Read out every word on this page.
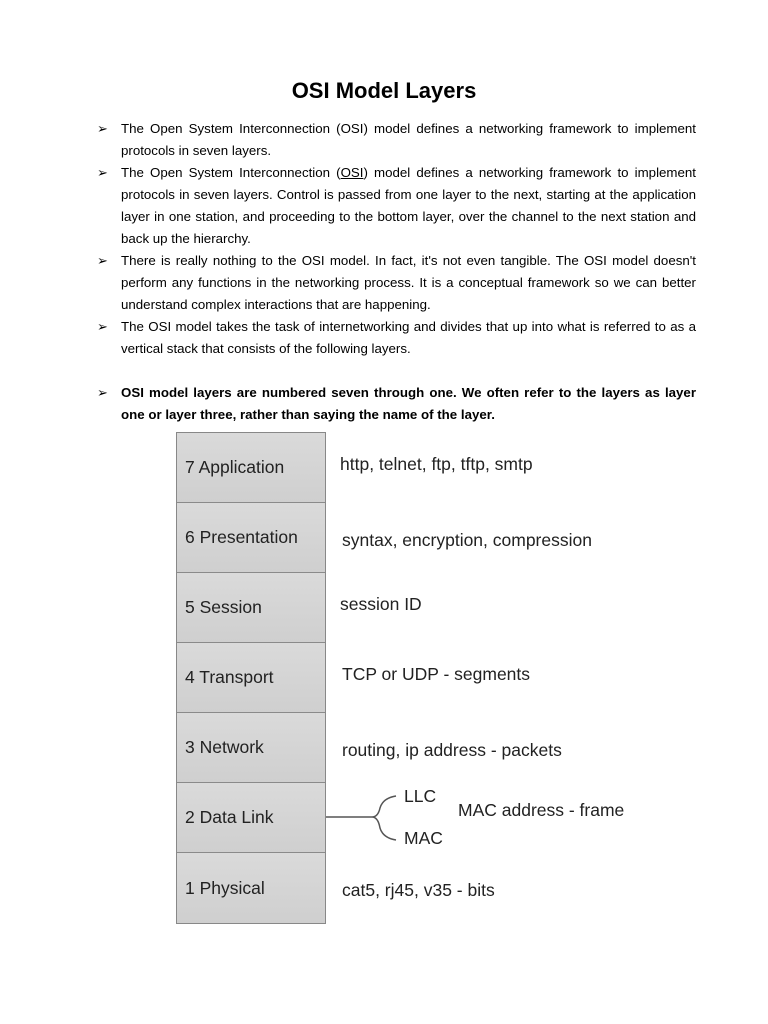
OSI Model Layers
➢ The Open System Interconnection (OSI) model defines a networking framework to implement protocols in seven layers.
➢ The Open System Interconnection (OSI) model defines a networking framework to implement protocols in seven layers. Control is passed from one layer to the next, starting at the application layer in one station, and proceeding to the bottom layer, over the channel to the next station and back up the hierarchy.
➢ There is really nothing to the OSI model. In fact, it's not even tangible. The OSI model doesn't perform any functions in the networking process. It is a conceptual framework so we can better understand complex interactions that are happening.
➢ The OSI model takes the task of internetworking and divides that up into what is referred to as a vertical stack that consists of the following layers.
➢ OSI model layers are numbered seven through one. We often refer to the layers as layer one or layer three, rather than saying the name of the layer.
7 Application
6 Presentation
5 Session
4 Transport
3 Network
2 Data Link
1 Physical
http, telnet, ftp, tftp, smtp
syntax, encryption, compression
session ID
TCP or UDP - segments
routing, ip address - packets
LLC
MAC
MAC address - frame
cat5, rj45, v35 - bits
